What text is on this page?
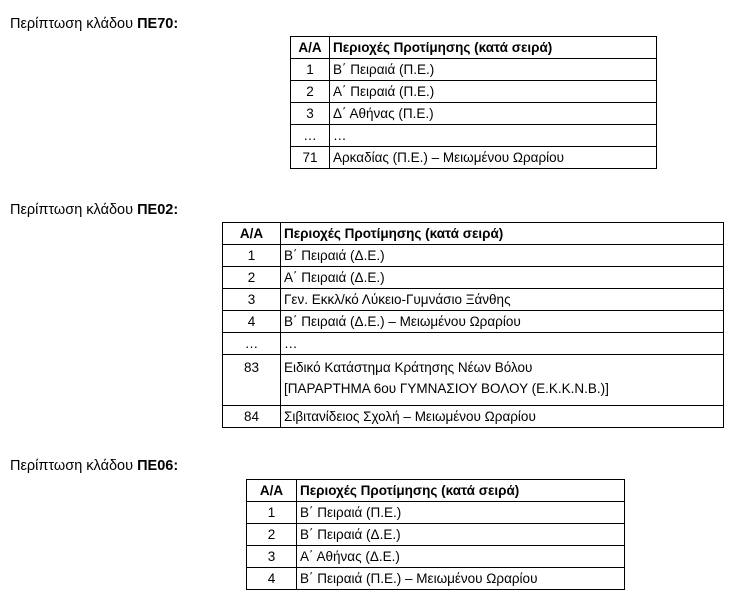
Περίπτωση κλάδου ΠΕ70:
Α/Α	Περιοχές Προτίμησης (κατά σειρά)
1	Β΄ Πειραιά (Π.Ε.)
2	Α΄ Πειραιά (Π.Ε.)
3	Δ΄ Αθήνας (Π.Ε.)
…	…
71	Αρκαδίας (Π.Ε.) – Μειωμένου Ωραρίου
Περίπτωση κλάδου ΠΕ02:
Α/Α	Περιοχές Προτίμησης (κατά σειρά)
1	Β΄ Πειραιά (Δ.Ε.)
2	Α΄ Πειραιά (Δ.Ε.)
3	Γεν. Εκκλ/κό Λύκειο-Γυμνάσιο Ξάνθης
4	Β΄ Πειραιά (Δ.Ε.) – Μειωμένου Ωραρίου
…	…
83	Ειδικό Κατάστημα Κράτησης Νέων Βόλου
[ΠΑΡΑΡΤΗΜΑ 6ου ΓΥΜΝΑΣΙΟΥ ΒΟΛΟΥ (Ε.Κ.Κ.Ν.Β.)]

84	Σιβιτανίδειος Σχολή – Μειωμένου Ωραρίου
Περίπτωση κλάδου ΠΕ06:
Α/Α	Περιοχές Προτίμησης (κατά σειρά)
1	Β΄ Πειραιά (Π.Ε.)
2	Β΄ Πειραιά (Δ.Ε.)
3	Α΄ Αθήνας (Δ.Ε.)
4	Β΄ Πειραιά (Π.Ε.) – Μειωμένου Ωραρίου
